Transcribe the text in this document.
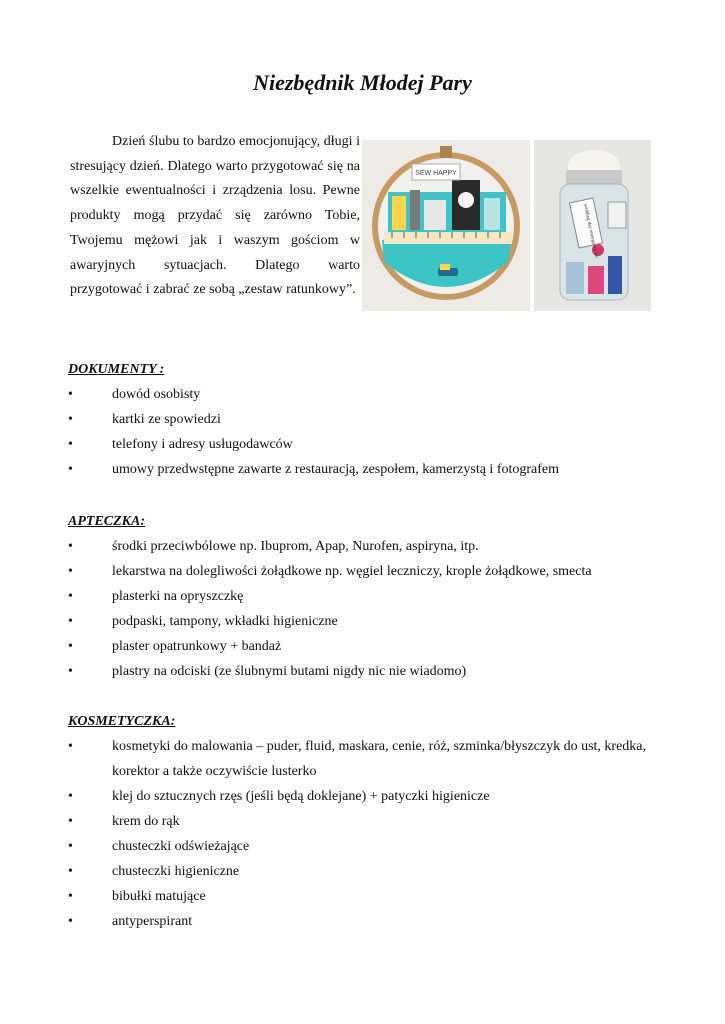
Niezbędnik Młodej Pary

Dzień ślubu to bardzo emocjonujący, długi i stresujący dzień. Dlatego warto przygotować się na wszelkie ewentualności i zrządzenia losu. Pewne produkty mogą przydać się zarówno Tobie, Twojemu mężowi jak i waszym gościom w awaryjnych sytuacjach. Dlatego warto przygotować i zabrać ze sobą „zestaw ratunkowy”.

SEW HAPPY
wedding day emergency kit

DOKUMENTY :

•	dowód osobisty
•	kartki ze spowiedzi
•	telefony i adresy usługodawców
•	umowy przedwstępne zawarte z restauracją, zespołem, kamerzystą i fotografem

APTECZKA:

•	środki przeciwbólowe np. Ibuprom, Apap, Nurofen, aspiryna, itp.
•	lekarstwa na dolegliwości żołądkowe np. węgiel leczniczy, krople żołądkowe, smecta
•	plasterki na opryszczkę
•	podpaski, tampony, wkładki higieniczne
•	plaster opatrunkowy + bandaż
•	plastry na odciski (ze ślubnymi butami nigdy nic nie wiadomo)

KOSMETYCZKA:

•	kosmetyki do malowania – puder, fluid, maskara, cenie, róż, szminka/błyszczyk do ust, kredka, korektor a także oczywiście lusterko
•	klej do sztucznych rzęs (jeśli będą doklejane) + patyczki higienicze
•	krem do rąk
•	chusteczki odświeżające
•	chusteczki higieniczne
•	bibułki matujące
•	antyperspirant
